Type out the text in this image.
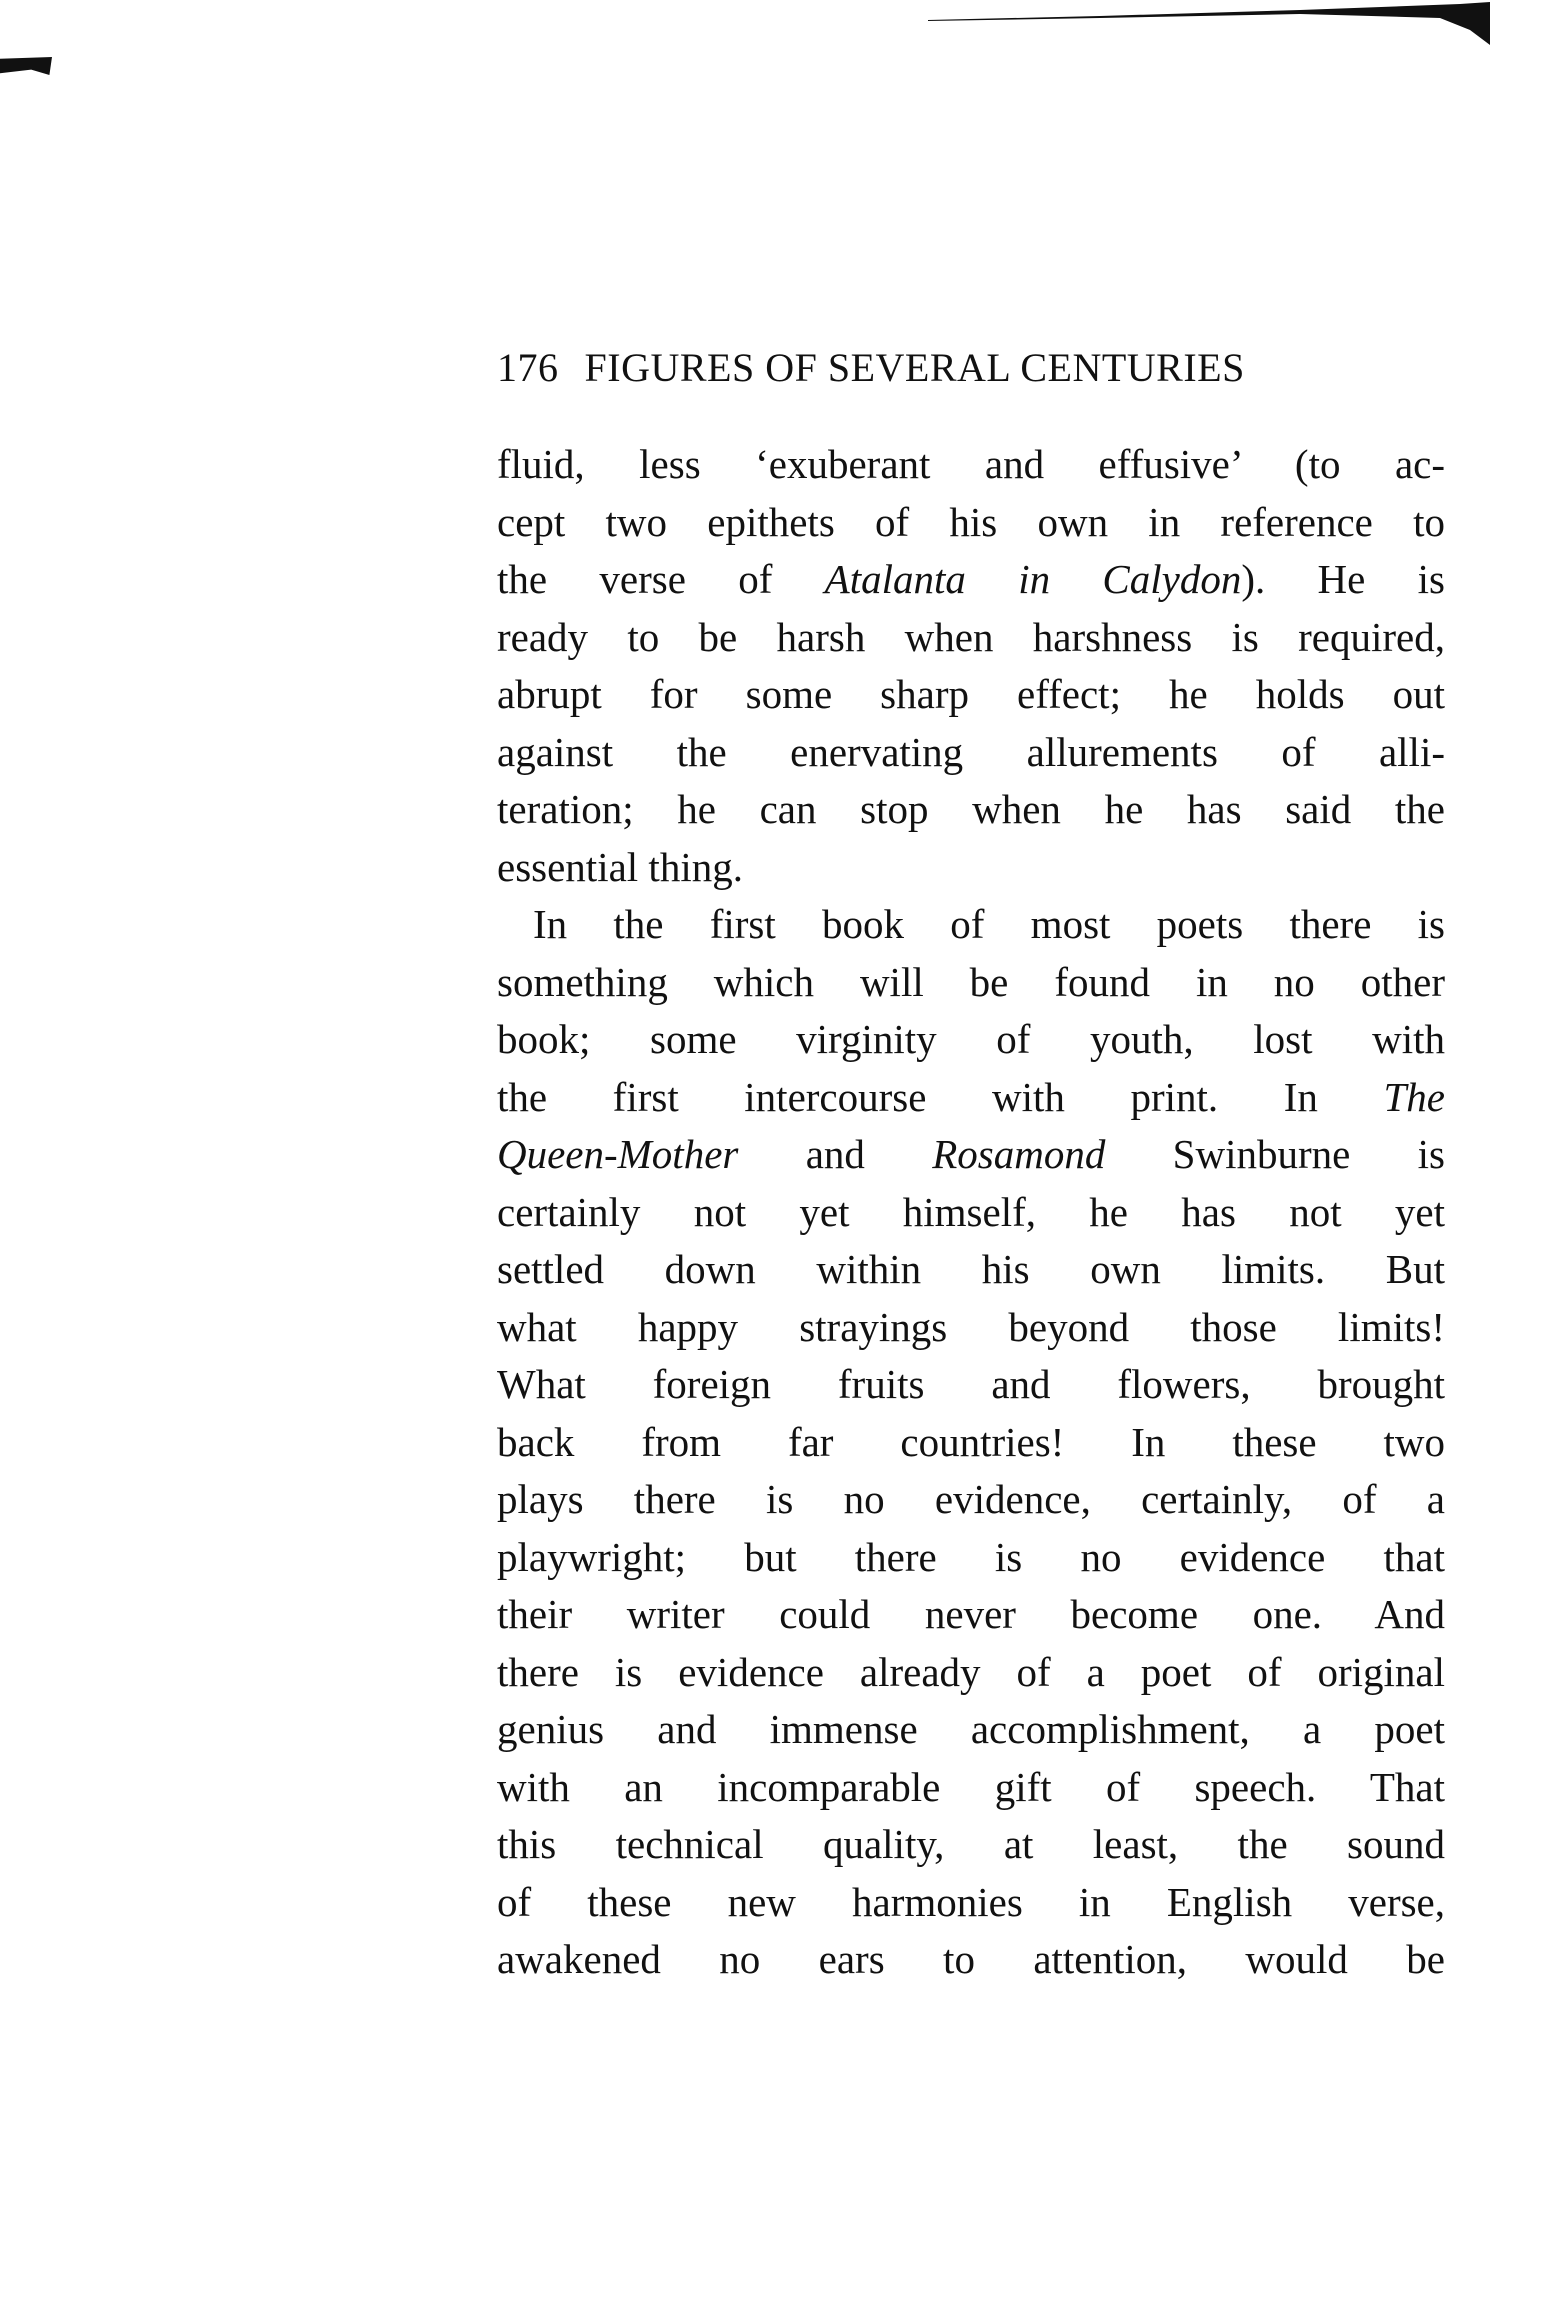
176 FIGURES OF SEVERAL CENTURIES
fluid, less ‘exuberant and effusive’ (to ac-
cept two epithets of his own in reference to
the verse of Atalanta in Calydon). He is
ready to be harsh when harshness is required,
abrupt for some sharp effect; he holds out
against the enervating allurements of alli-
teration; he can stop when he has said the
essential thing.
In the first book of most poets there is
something which will be found in no other
book; some virginity of youth, lost with
the first intercourse with print. In The
Queen-Mother and Rosamond Swinburne is
certainly not yet himself, he has not yet
settled down within his own limits. But
what happy strayings beyond those limits!
What foreign fruits and flowers, brought
back from far countries! In these two
plays there is no evidence, certainly, of a
playwright; but there is no evidence that
their writer could never become one. And
there is evidence already of a poet of original
genius and immense accomplishment, a poet
with an incomparable gift of speech. That
this technical quality, at least, the sound
of these new harmonies in English verse,
awakened no ears to attention, would be
